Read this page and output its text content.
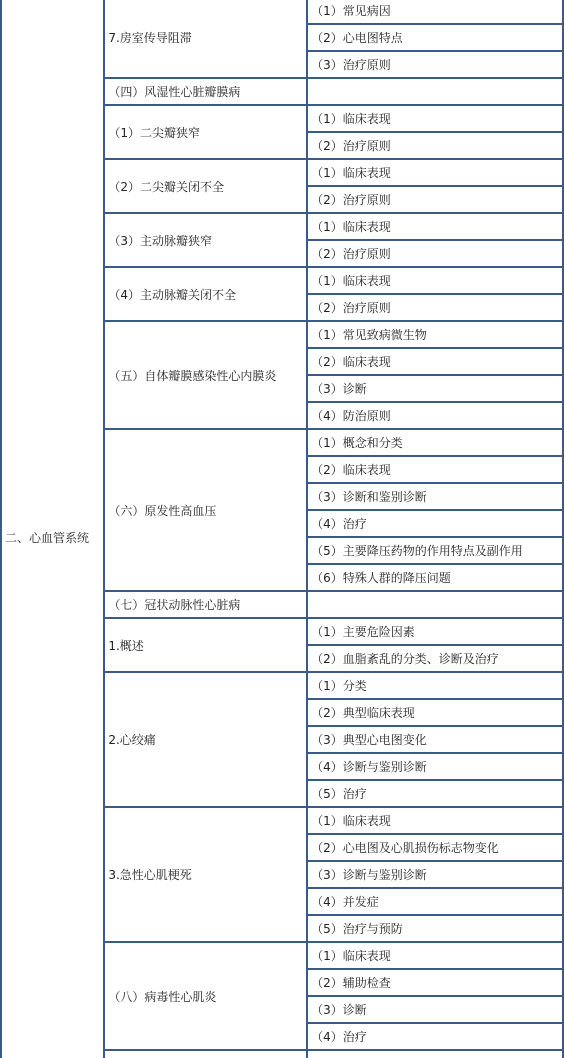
二、心血管系统	7.房室传导阻滞	（1）常见病因
		（2）心电图特点
		（3）治疗原则
	（四）风湿性心脏瓣膜病	
	（1）二尖瓣狭窄	（1）临床表现
		（2）治疗原则
	（2）二尖瓣关闭不全	（1）临床表现
		（2）治疗原则
	（3）主动脉瓣狭窄	（1）临床表现
		（2）治疗原则
	（4）主动脉瓣关闭不全	（1）临床表现
		（2）治疗原则
	（五）自体瓣膜感染性心内膜炎	（1）常见致病微生物
		（2）临床表现
		（3）诊断
		（4）防治原则
	（六）原发性高血压	（1）概念和分类
		（2）临床表现
		（3）诊断和鉴别诊断
		（4）治疗
		（5）主要降压药物的作用特点及副作用
		（6）特殊人群的降压问题
	（七）冠状动脉性心脏病	
	1.概述	（1）主要危险因素
		（2）血脂紊乱的分类、诊断及治疗
	2.心绞痛	（1）分类
		（2）典型临床表现
		（3）典型心电图变化
		（4）诊断与鉴别诊断
		（5）治疗
	3.急性心肌梗死	（1）临床表现
		（2）心电图及心肌损伤标志物变化
		（3）诊断与鉴别诊断
		（4）并发症
		（5）治疗与预防
	（八）病毒性心肌炎	（1）临床表现
		（2）辅助检查
		（3）诊断
		（4）治疗
